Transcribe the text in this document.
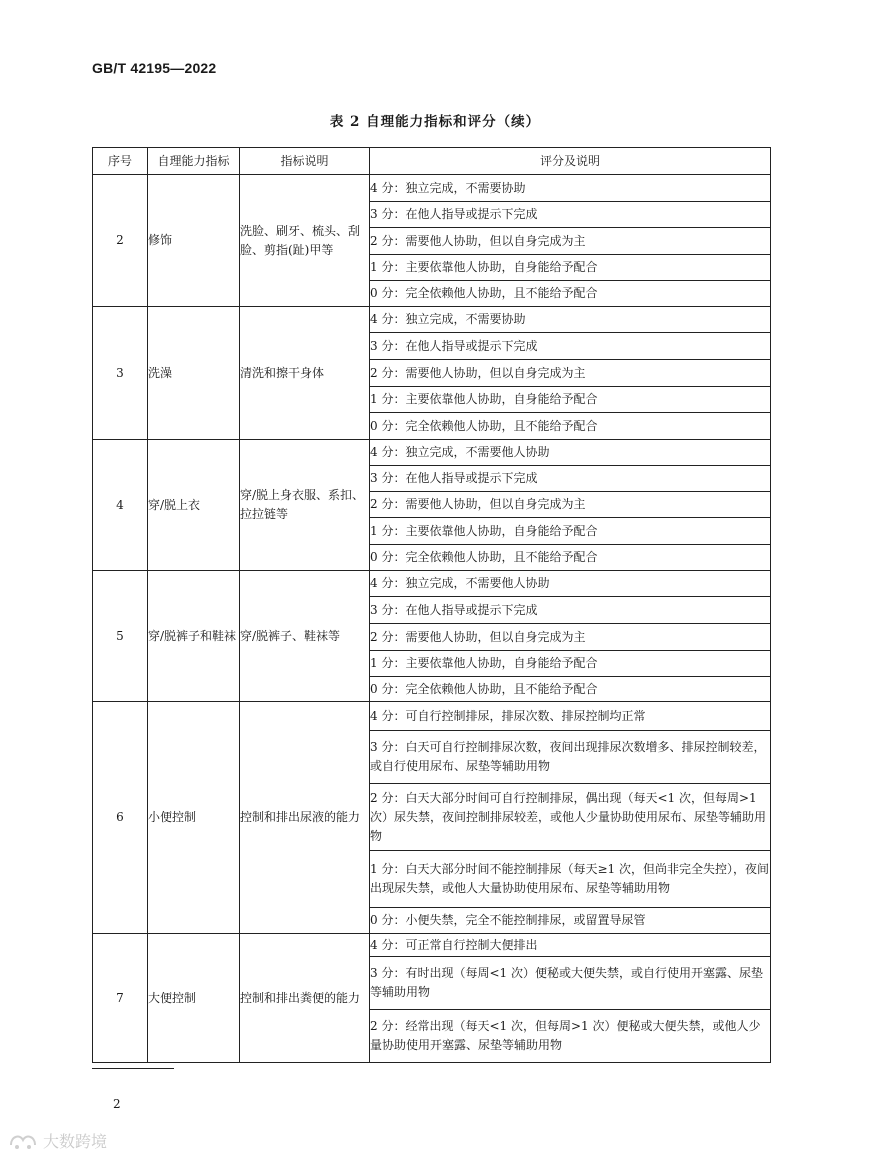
GB/T 42195—2022
表 2 自理能力指标和评分（续）
序号	自理能力指标	指标说明	评分及说明
2	修饰	洗脸、刷牙、梳头、刮脸、剪指(趾)甲等	4 分：独立完成，不需要协助
			3 分：在他人指导或提示下完成
			2 分：需要他人协助，但以自身完成为主
			1 分：主要依靠他人协助，自身能给予配合
			0 分：完全依赖他人协助，且不能给予配合
3	洗澡	清洗和擦干身体	4 分：独立完成，不需要协助
			3 分：在他人指导或提示下完成
			2 分：需要他人协助，但以自身完成为主
			1 分：主要依靠他人协助，自身能给予配合
			0 分：完全依赖他人协助，且不能给予配合
4	穿/脱上衣	穿/脱上身衣服、系扣、拉拉链等	4 分：独立完成，不需要他人协助
			3 分：在他人指导或提示下完成
			2 分：需要他人协助，但以自身完成为主
			1 分：主要依靠他人协助，自身能给予配合
			0 分：完全依赖他人协助，且不能给予配合
5	穿/脱裤子和鞋袜	穿/脱裤子、鞋袜等	4 分：独立完成，不需要他人协助
			3 分：在他人指导或提示下完成
			2 分：需要他人协助，但以自身完成为主
			1 分：主要依靠他人协助，自身能给予配合
			0 分：完全依赖他人协助，且不能给予配合
6	小便控制	控制和排出尿液的能力	4 分：可自行控制排尿，排尿次数、排尿控制均正常
			3 分：白天可自行控制排尿次数，夜间出现排尿次数增多、排尿控制较差，或自行使用尿布、尿垫等辅助用物
			2 分：白天大部分时间可自行控制排尿，偶出现（每天<1 次，但每周>1 次）尿失禁，夜间控制排尿较差，或他人少量协助使用尿布、尿垫等辅助用物
			1 分：白天大部分时间不能控制排尿（每天≥1 次，但尚非完全失控），夜间出现尿失禁，或他人大量协助使用尿布、尿垫等辅助用物
			0 分：小便失禁，完全不能控制排尿，或留置导尿管
7	大便控制	控制和排出粪便的能力	4 分：可正常自行控制大便排出
			3 分：有时出现（每周<1 次）便秘或大便失禁，或自行使用开塞露、尿垫等辅助用物
			2 分：经常出现（每天<1 次，但每周>1 次）便秘或大便失禁，或他人少量协助使用开塞露、尿垫等辅助用物
2
大数跨境
